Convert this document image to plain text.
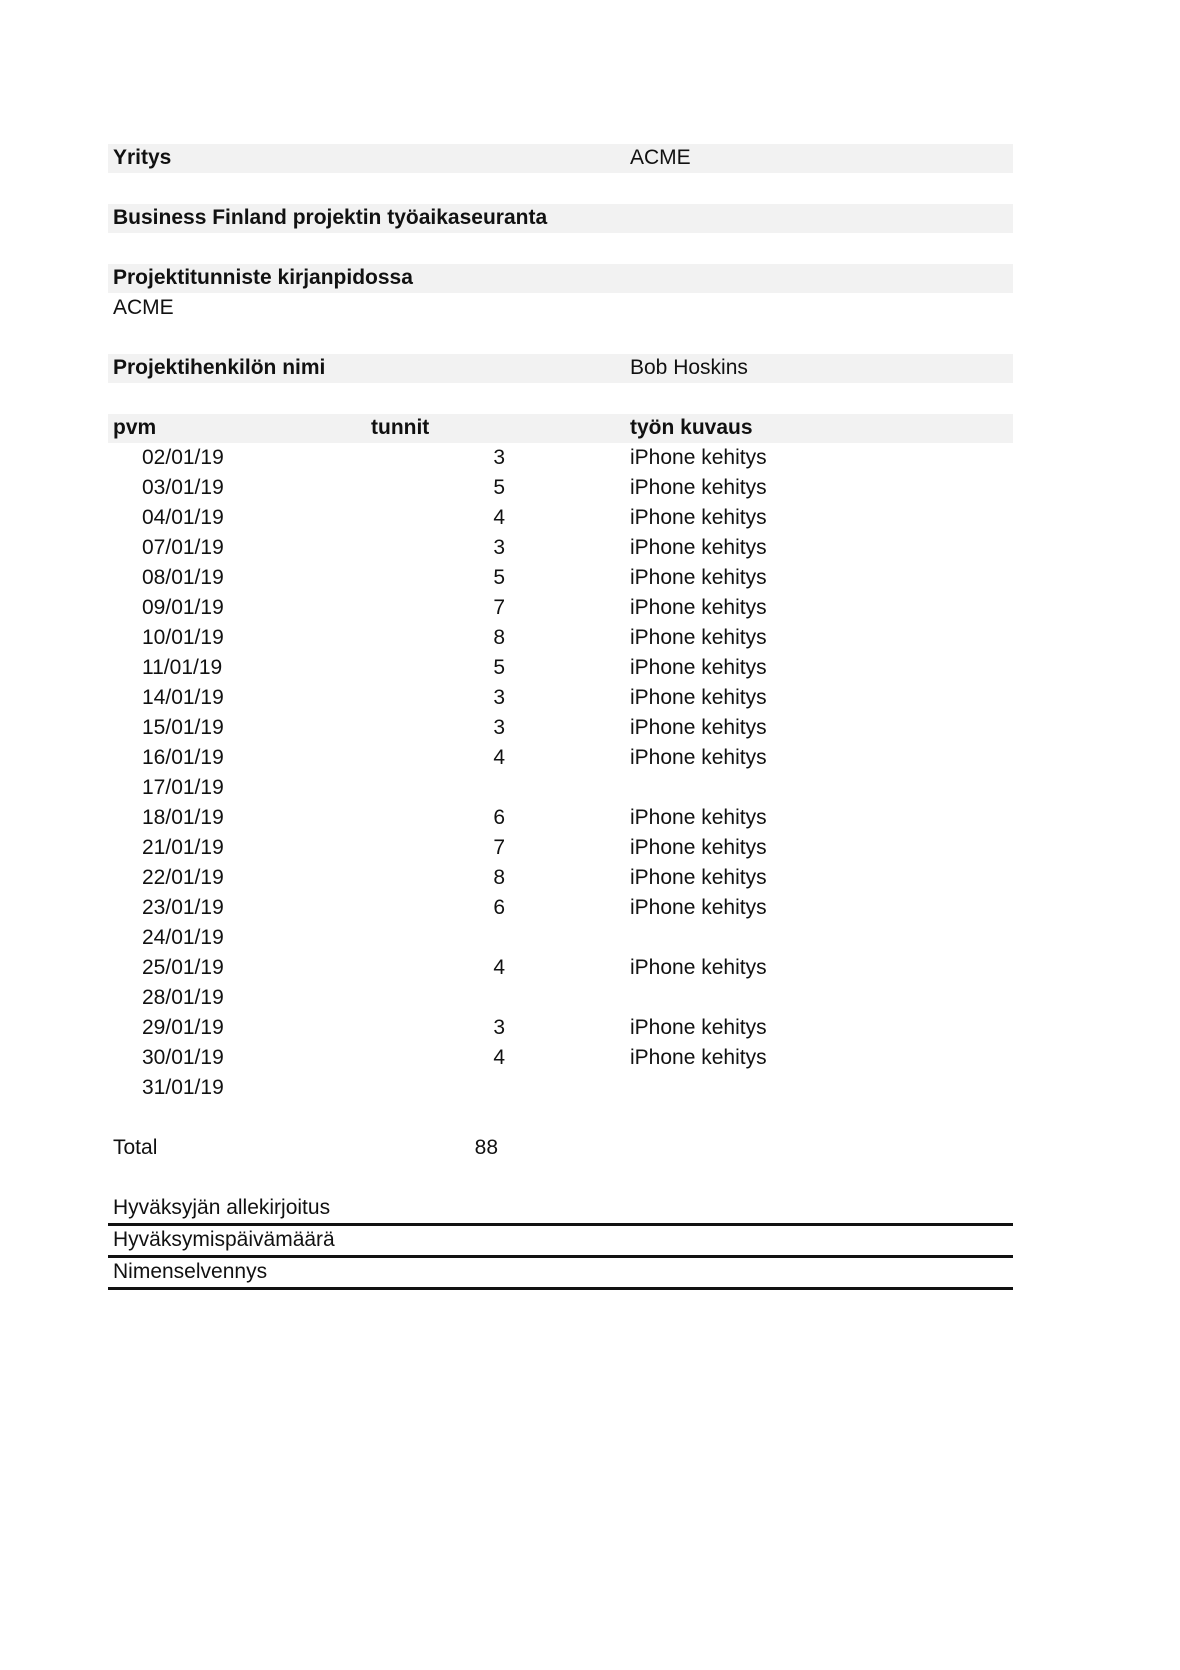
Yritys	ACME
Business Finland projektin työaikaseuranta
Projektitunniste kirjanpidossa
ACME
Projektihenkilön nimi	Bob Hoskins
pvm	tunnit	työn kuvaus
02/01/19	3	iPhone kehitys
03/01/19	5	iPhone kehitys
04/01/19	4	iPhone kehitys
07/01/19	3	iPhone kehitys
08/01/19	5	iPhone kehitys
09/01/19	7	iPhone kehitys
10/01/19	8	iPhone kehitys
11/01/19	5	iPhone kehitys
14/01/19	3	iPhone kehitys
15/01/19	3	iPhone kehitys
16/01/19	4	iPhone kehitys
17/01/19
18/01/19	6	iPhone kehitys
21/01/19	7	iPhone kehitys
22/01/19	8	iPhone kehitys
23/01/19	6	iPhone kehitys
24/01/19
25/01/19	4	iPhone kehitys
28/01/19
29/01/19	3	iPhone kehitys
30/01/19	4	iPhone kehitys
31/01/19
Total	88
Hyväksyjän allekirjoitus
Hyväksymispäivämäärä
Nimenselvennys
